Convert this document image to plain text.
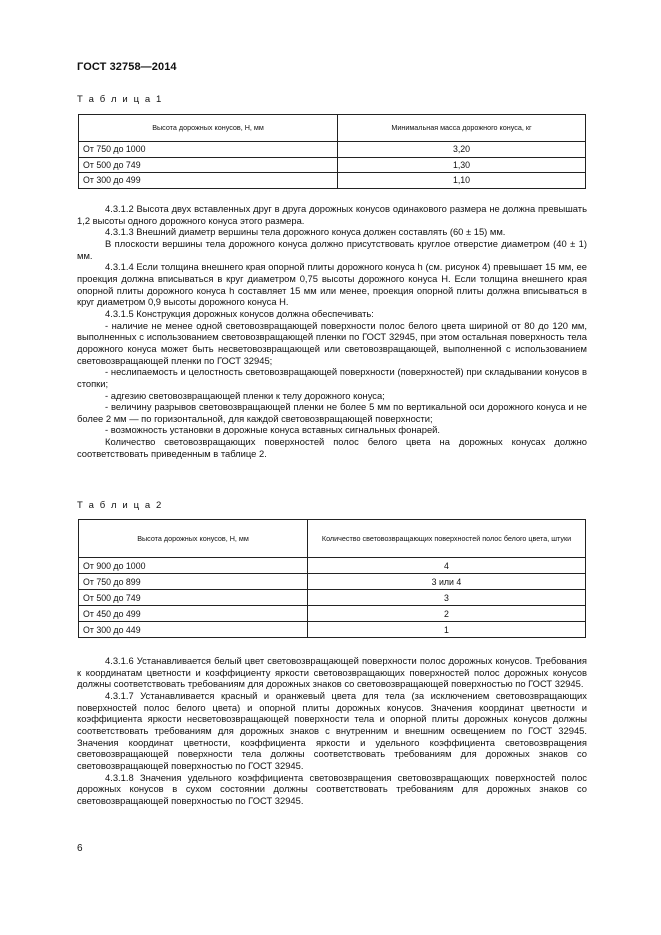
ГОСТ 32758—2014
Т а б л и ц а 1
Высота дорожных конусов, Н, мм	Минимальная масса дорожного конуса, кг
От 750 до 1000	3,20
От 500 до 749	1,30
От 300 до 499	1,10

4.3.1.2 Высота двух вставленных друг в друга дорожных конусов одинакового размера не должна превышать 1,2 высоты одного дорожного конуса этого размера.

4.3.1.3 Внешний диаметр вершины тела дорожного конуса должен составлять (60 ± 15) мм.

В плоскости вершины тела дорожного конуса должно присутствовать круглое отверстие диаметром (40 ± 1) мм.

4.3.1.4 Если толщина внешнего края опорной плиты дорожного конуса h (см. рисунок 4) превышает 15 мм, ее проекция должна вписываться в круг диаметром 0,75 высоты дорожного конуса H. Если толщина внешнего края опорной плиты дорожного конуса h составляет 15 мм или менее, проекция опорной плиты должна вписываться в круг диаметром 0,9 высоты дорожного конуса H.

4.3.1.5 Конструкция дорожных конусов должна обеспечивать:

- наличие не менее одной световозвращающей поверхности полос белого цвета шириной от 80 до 120 мм, выполненных с использованием световозвращающей пленки по ГОСТ 32945, при этом остальная поверхность тела дорожного конуса может быть несветовозвращающей или световозвращающей, выполненной с использованием световозвращающей пленки по ГОСТ 32945;

- неслипаемость и целостность световозвращающей поверхности (поверхностей) при складывании конусов в стопки;

- адгезию световозвращающей пленки к телу дорожного конуса;

- величину разрывов световозвращающей пленки не более 5 мм по вертикальной оси дорожного конуса и не более 2 мм — по горизонтальной, для каждой световозвращающей поверхности;

- возможность установки в дорожные конуса вставных сигнальных фонарей.

Количество световозвращающих поверхностей полос белого цвета на дорожных конусах должно соответствовать приведенным в таблице 2.

Т а б л и ц а 2
Высота дорожных конусов, Н, мм	Количество световозвращающих поверхностей полос белого цвета, штуки
От 900 до 1000	4
От 750 до 899	3 или 4
От 500 до 749	3
От 450 до 499	2
От 300 до 449	1

4.3.1.6 Устанавливается белый цвет световозвращающей поверхности полос дорожных конусов. Требования к координатам цветности и коэффициенту яркости световозвращающих поверхностей полос дорожных конусов должны соответствовать требованиям для дорожных знаков со световозвращающей поверхностью по ГОСТ 32945.

4.3.1.7 Устанавливается красный и оранжевый цвета для тела (за исключением световозвращающих поверхностей полос белого цвета) и опорной плиты дорожных конусов. Значения координат цветности и коэффициента яркости несветовозвращающей поверхности тела и опорной плиты дорожных конусов должны соответствовать требованиям для дорожных знаков с внутренним и внешним освещением по ГОСТ 32945. Значения координат цветности, коэффициента яркости и удельного коэффициента световозвращения световозвращающей поверхности тела должны соответствовать требованиям для дорожных знаков со световозвращающей поверхностью по ГОСТ 32945.

4.3.1.8 Значения удельного коэффициента световозвращения световозвращающих поверхностей полос дорожных конусов в сухом состоянии должны соответствовать требованиям для дорожных знаков со световозвращающей поверхностью по ГОСТ 32945.

6
